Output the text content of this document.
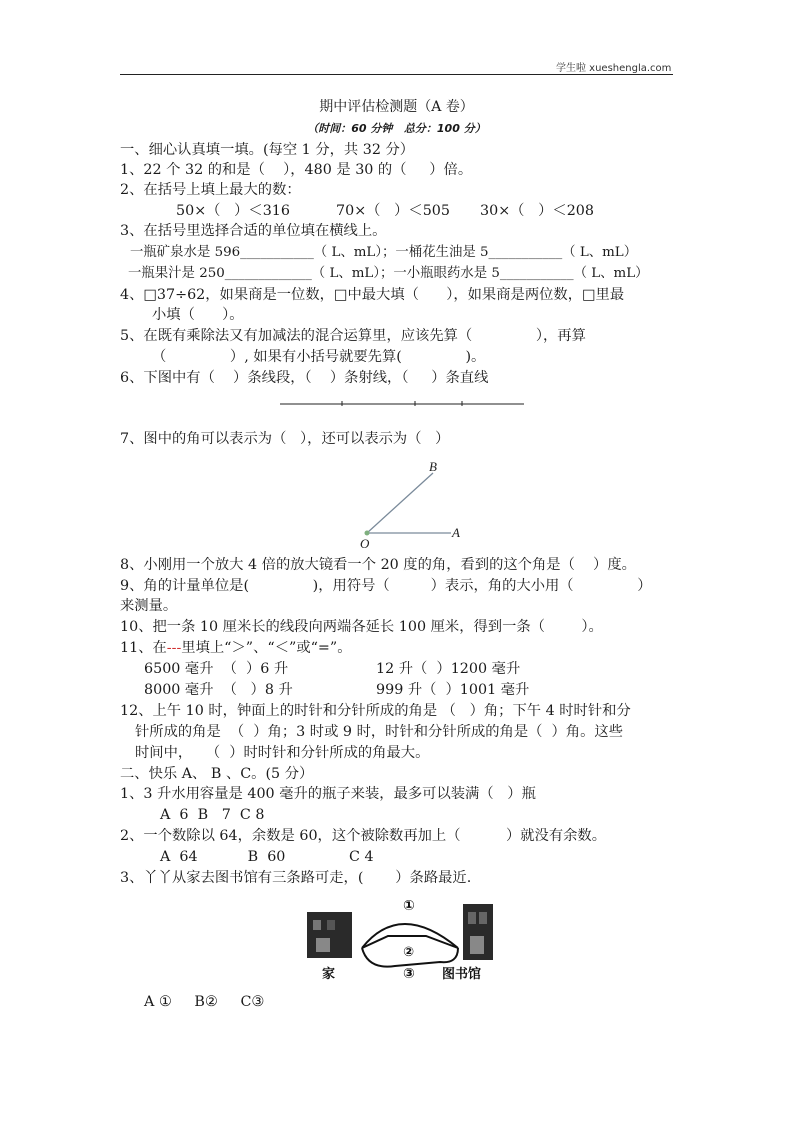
学生啦 xueshengla.com
期中评估检测题（A 卷）
（时间：60 分钟   总分：100 分）
一、细心认真填一填。(每空 1 分，共 32 分）
1、22 个 32 的和是（    ），480 是 30 的（     ）倍。
2、在括号上填上最大的数：
50×（   ）＜316	70×（   ）＜505 30×（   ）＜208
3、在括号里选择合适的单位填在横线上。
一瓶矿泉水是 596___________（ L、mL）；一桶花生油是 5___________（ L、mL）
一瓶果汁是 250_____________（ L、mL）；一小瓶眼药水是 5___________（ L、mL）
4、□37÷62，如果商是一位数，□中最大填（      ），如果商是两位数，□里最
小填（      ）。
5、在既有乘除法又有加减法的混合运算里，应该先算（              ），再算
（              ）, 如果有小括号就要先算(              )。
6、下图中有（    ）条线段，（    ）条射线，（     ）条直线
7、图中的角可以表示为（   ），还可以表示为（   ）
B
A
O
8、小刚用一个放大 4 倍的放大镜看一个 20 度的角，看到的这个角是（    ）度。
9、角的计量单位是(              )，用符号（         ）表示，角的大小用（              ）
来测量。
10、把一条 10 厘米长的线段向两端各延长 100 厘米，得到一条（        ）。
11、在---里填上“＞”、“＜”或“=”。
6500 毫升  （  ）6 升	12 升（  ）1200 毫升
8000 毫升  （   ）8 升	999 升（  ）1001 毫升
12、上午 10 时，钟面上的时针和分针所成的角是 （   ）角；下午 4 时时针和分
针所成的角是  （  ）角；3 时或 9 时，时针和分针所成的角是（  ）角。这些
时间中，   （  ）时时针和分针所成的角最大。
二、快乐 A、 B 、C。(5 分）
1、3 升水用容量是 400 毫升的瓶子来装，最多可以装满（   ）瓶
A  6  B   7  C 8
2、一个数除以 64，余数是 60，这个被除数再加上（          ）就没有余数。
A  64           B  60              C 4
3、丫丫从家去图书馆有三条路可走，(       ）条路最近.
①
②
③
家	图书馆
A ①     B②     C③
